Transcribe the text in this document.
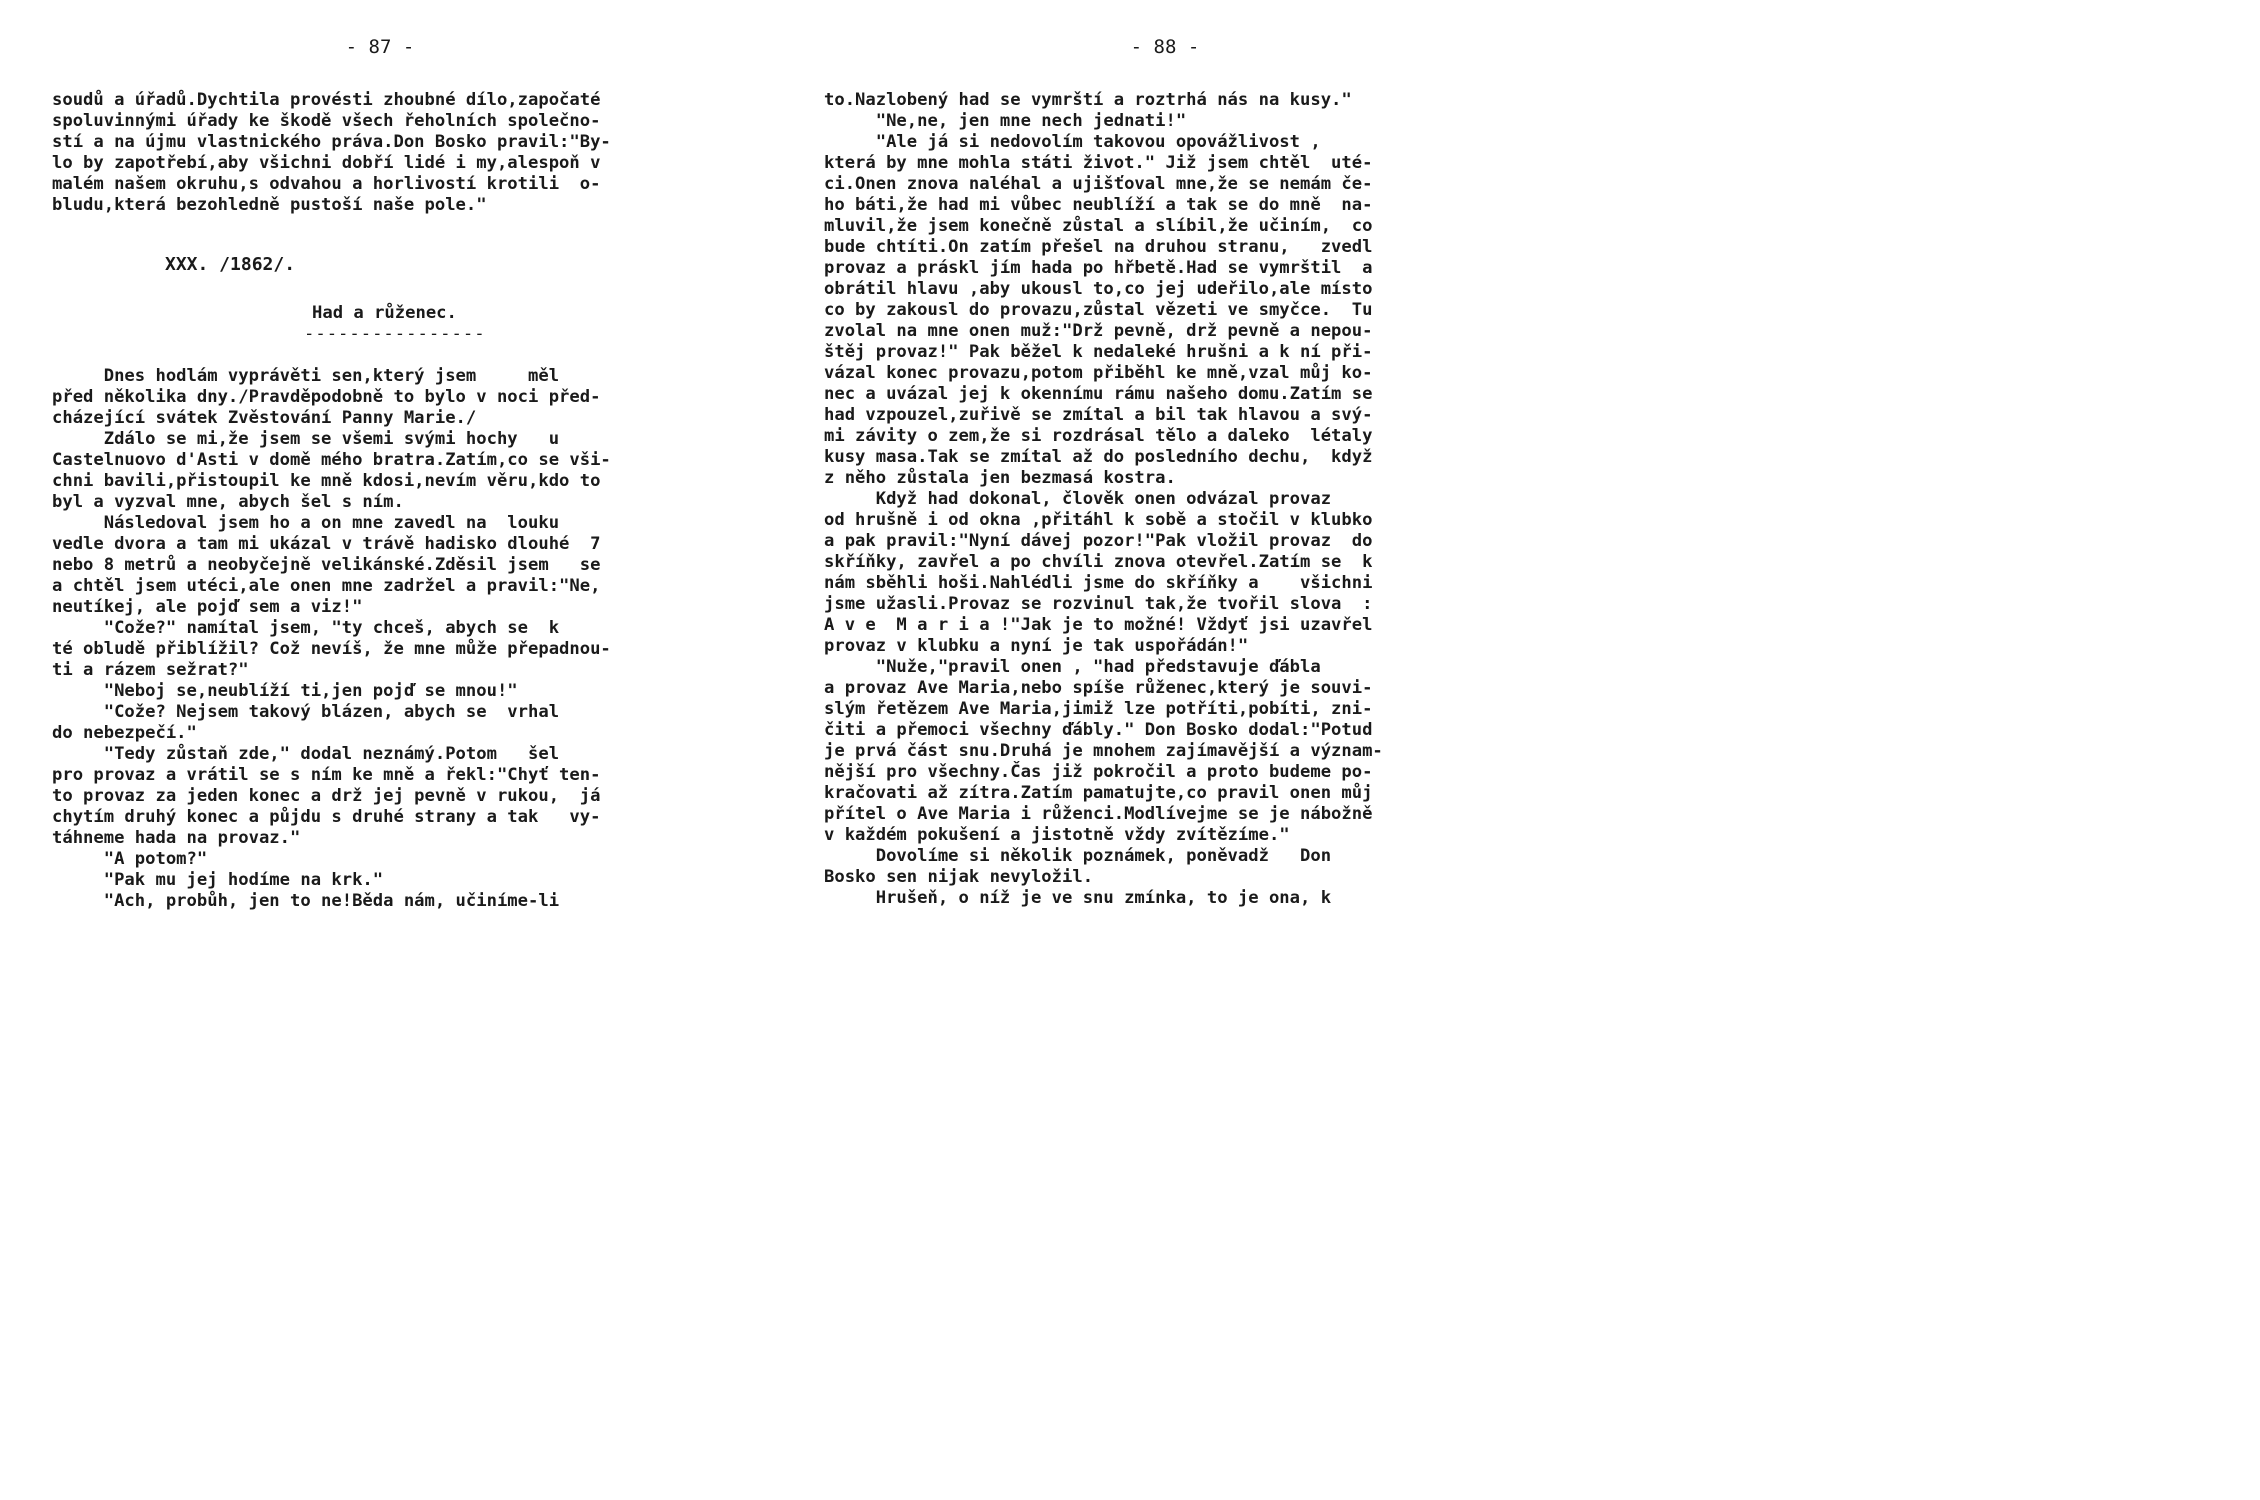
- 87 -
soudů a úřadů.Dychtila provésti zhoubné dílo,započaté
spoluvinnými úřady ke škodě všech řeholních společno-
stí a na újmu vlastnického práva.Don Bosko pravil:"By-
lo by zapotřebí,aby všichni dobří lidé i my,alespoň v
malém našem okruhu,s odvahou a horlivostí krotili  o-
bludu,která bezohledně pustoší naše pole."
XXX. /1862/.
Had a růženec.
----------------
Dnes hodlám vyprávěti sen,který jsem     měl
před několika dny./Pravděpodobně to bylo v noci před-
cházející svátek Zvěstování Panny Marie./
Zdálo se mi,že jsem se všemi svými hochy   u
Castelnuovo d'Asti v domě mého bratra.Zatím,co se vši-
chni bavili,přistoupil ke mně kdosi,nevím věru,kdo to
byl a vyzval mne, abych šel s ním.
Následoval jsem ho a on mne zavedl na  louku
vedle dvora a tam mi ukázal v trávě hadisko dlouhé  7
nebo 8 metrů a neobyčejně velikánské.Zděsil jsem   se
a chtěl jsem utéci,ale onen mne zadržel a pravil:"Ne,
neutíkej, ale pojď sem a viz!"
"Cože?" namítal jsem, "ty chceš, abych se  k
té obludě přiblížil? Což nevíš, že mne může přepadnou-
ti a rázem sežrat?"
"Neboj se,neublíží ti,jen pojď se mnou!"
"Cože? Nejsem takový blázen, abych se  vrhal
do nebezpečí."
"Tedy zůstaň zde," dodal neznámý.Potom   šel
pro provaz a vrátil se s ním ke mně a řekl:"Chyť ten-
to provaz za jeden konec a drž jej pevně v rukou,  já
chytím druhý konec a půjdu s druhé strany a tak   vy-
táhneme hada na provaz."
"A potom?"
"Pak mu jej hodíme na krk."
"Ach, probůh, jen to ne!Běda nám, učiníme-li
- 88 -
to.Nazlobený had se vymrští a roztrhá nás na kusy."
"Ne,ne, jen mne nech jednati!"
"Ale já si nedovolím takovou opovážlivost ,
která by mne mohla státi život." Již jsem chtěl  uté-
ci.Onen znova naléhal a ujišťoval mne,že se nemám če-
ho báti,že had mi vůbec neublíží a tak se do mně  na-
mluvil,že jsem konečně zůstal a slíbil,že učiním,  co
bude chtíti.On zatím přešel na druhou stranu,   zvedl
provaz a práskl jím hada po hřbetě.Had se vymrštil  a
obrátil hlavu ,aby ukousl to,co jej udeřilo,ale místo
co by zakousl do provazu,zůstal vězeti ve smyčce.  Tu
zvolal na mne onen muž:"Drž pevně, drž pevně a nepou-
štěj provaz!" Pak běžel k nedaleké hrušni a k ní při-
vázal konec provazu,potom přiběhl ke mně,vzal můj ko-
nec a uvázal jej k okennímu rámu našeho domu.Zatím se
had vzpouzel,zuřivě se zmítal a bil tak hlavou a svý-
mi závity o zem,že si rozdrásal tělo a daleko  létaly
kusy masa.Tak se zmítal až do posledního dechu,  když
z něho zůstala jen bezmasá kostra.
Když had dokonal, člověk onen odvázal provaz
od hrušně i od okna ,přitáhl k sobě a stočil v klubko
a pak pravil:"Nyní dávej pozor!"Pak vložil provaz  do
skříňky, zavřel a po chvíli znova otevřel.Zatím se  k
nám sběhli hoši.Nahlédli jsme do skříňky a    všichni
jsme užasli.Provaz se rozvinul tak,že tvořil slova  :
A v e  M a r i a !"Jak je to možné! Vždyť jsi uzavřel
provaz v klubku a nyní je tak uspořádán!"
"Nuže,"pravil onen , "had představuje ďábla
a provaz Ave Maria,nebo spíše růženec,který je souvi-
slým řetězem Ave Maria,jimiž lze potříti,pobíti, zni-
čiti a přemoci všechny ďábly." Don Bosko dodal:"Potud
je prvá část snu.Druhá je mnohem zajímavější a význam-
nější pro všechny.Čas již pokročil a proto budeme po-
kračovati až zítra.Zatím pamatujte,co pravil onen můj
přítel o Ave Maria i růženci.Modlívejme se je nábožně
v každém pokušení a jistotně vždy zvítězíme."
Dovolíme si několik poznámek, poněvadž   Don
Bosko sen nijak nevyložil.
Hrušeň, o níž je ve snu zmínka, to je ona, k
